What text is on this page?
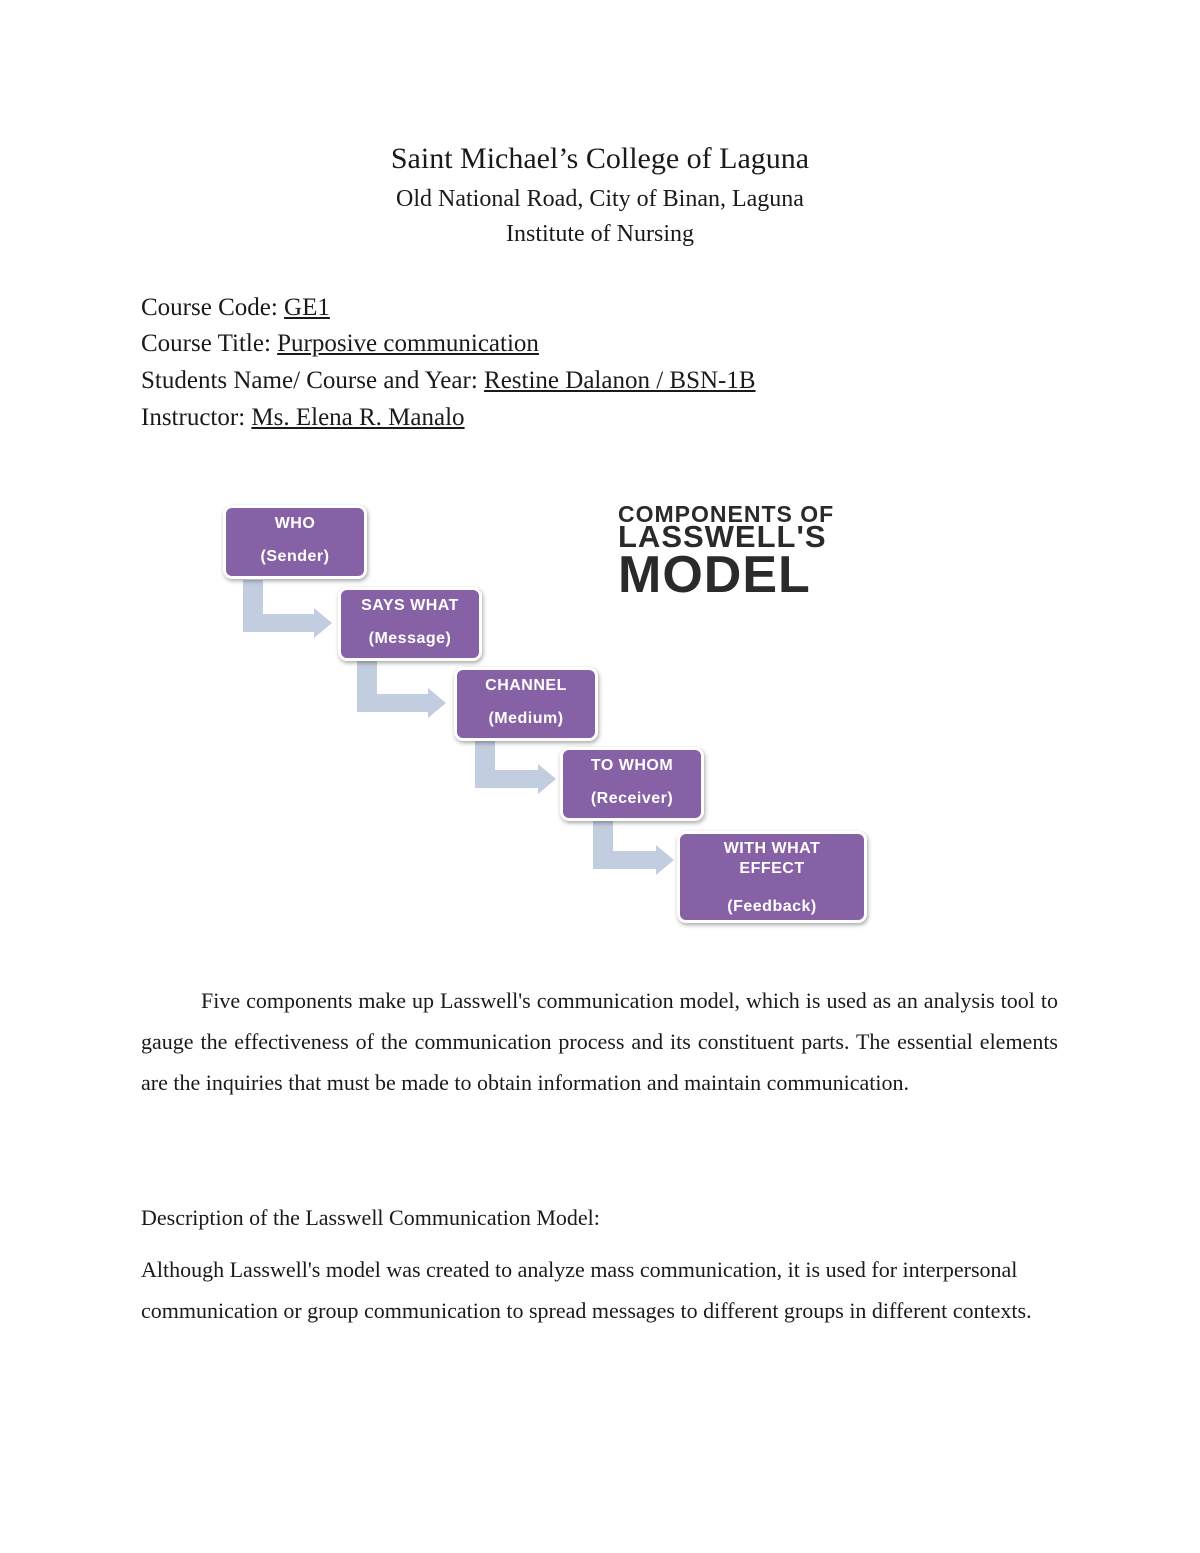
Saint Michael’s College of Laguna
Old National Road, City of Binan, Laguna
Institute of Nursing
Course Code: GE1
Course Title: Purposive communication
Students Name/ Course and Year: Restine Dalanon / BSN-1B
Instructor: Ms. Elena R. Manalo
WHO
(Sender)
SAYS WHAT
(Message)
CHANNEL
(Medium)
TO WHOM
(Receiver)
WITH WHAT
EFFECT
(Feedback)
COMPONENTS OF
LASSWELL'S
MODEL
Five components make up Lasswell's communication model, which is used as an analysis tool to gauge the effectiveness of the communication process and its constituent parts. The essential elements are the inquiries that must be made to obtain information and maintain communication.
Description of the Lasswell Communication Model:
Although Lasswell's model was created to analyze mass communication, it is used for interpersonal communication or group communication to spread messages to different groups in different contexts.
